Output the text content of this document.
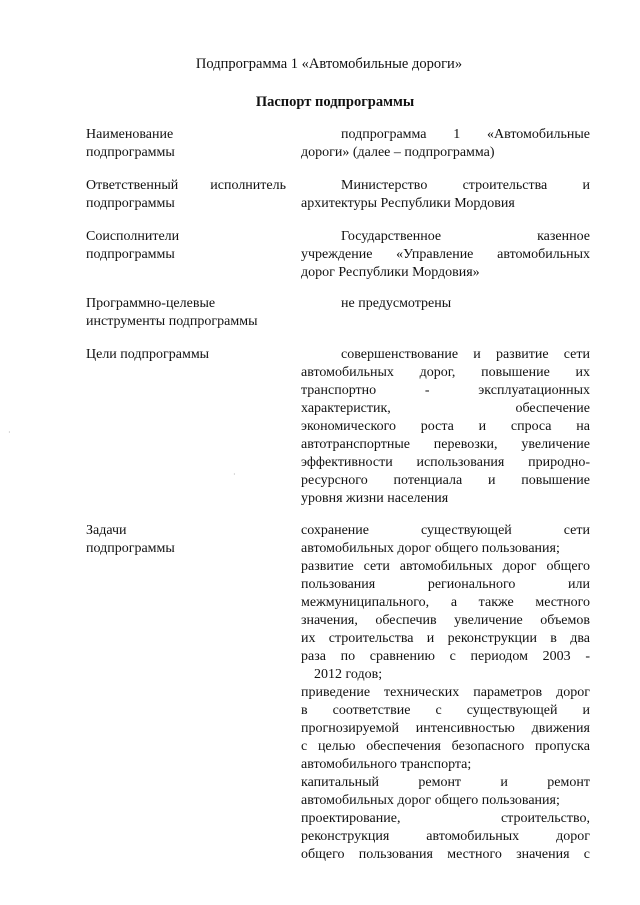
Подпрограмма 1 «Автомобильные дороги»
Паспорт подпрограммы
Наименование
подпрограммы
подпрограмма 1 «Автомобильные
дороги» (далее – подпрограмма)
Ответственный исполнитель
подпрограммы
Министерство строительства и
архитектуры Республики Мордовия
Соисполнители
подпрограммы
Государственное казенное
учреждение «Управление автомобильных
дорог Республики Мордовия»
Программно-целевые
инструменты подпрограммы
не предусмотрены
Цели подпрограммы	совершенствование и развитие сети
автомобильных дорог, повышение их
транспортно - эксплуатационных
характеристик, обеспечение
экономического роста и спроса на
автотранспортные перевозки, увеличение
эффективности использования природно-
ресурсного потенциала и повышение
уровня жизни населения
Задачи
подпрограммы
сохранение существующей сети
автомобильных дорог общего пользования;
развитие сети автомобильных дорог общего
пользования регионального или
межмуниципального, а также местного
значения, обеспечив увеличение объемов
их строительства и реконструкции в два
раза по сравнению с периодом 2003 -
2012 годов;
приведение технических параметров дорог
в соответствие с существующей и
прогнозируемой интенсивностью движения
с целью обеспечения безопасного пропуска
автомобильного транспорта;
капитальный ремонт и ремонт
автомобильных дорог общего пользования;
проектирование, строительство,
реконструкция автомобильных дорог
общего пользования местного значения с
·
·
